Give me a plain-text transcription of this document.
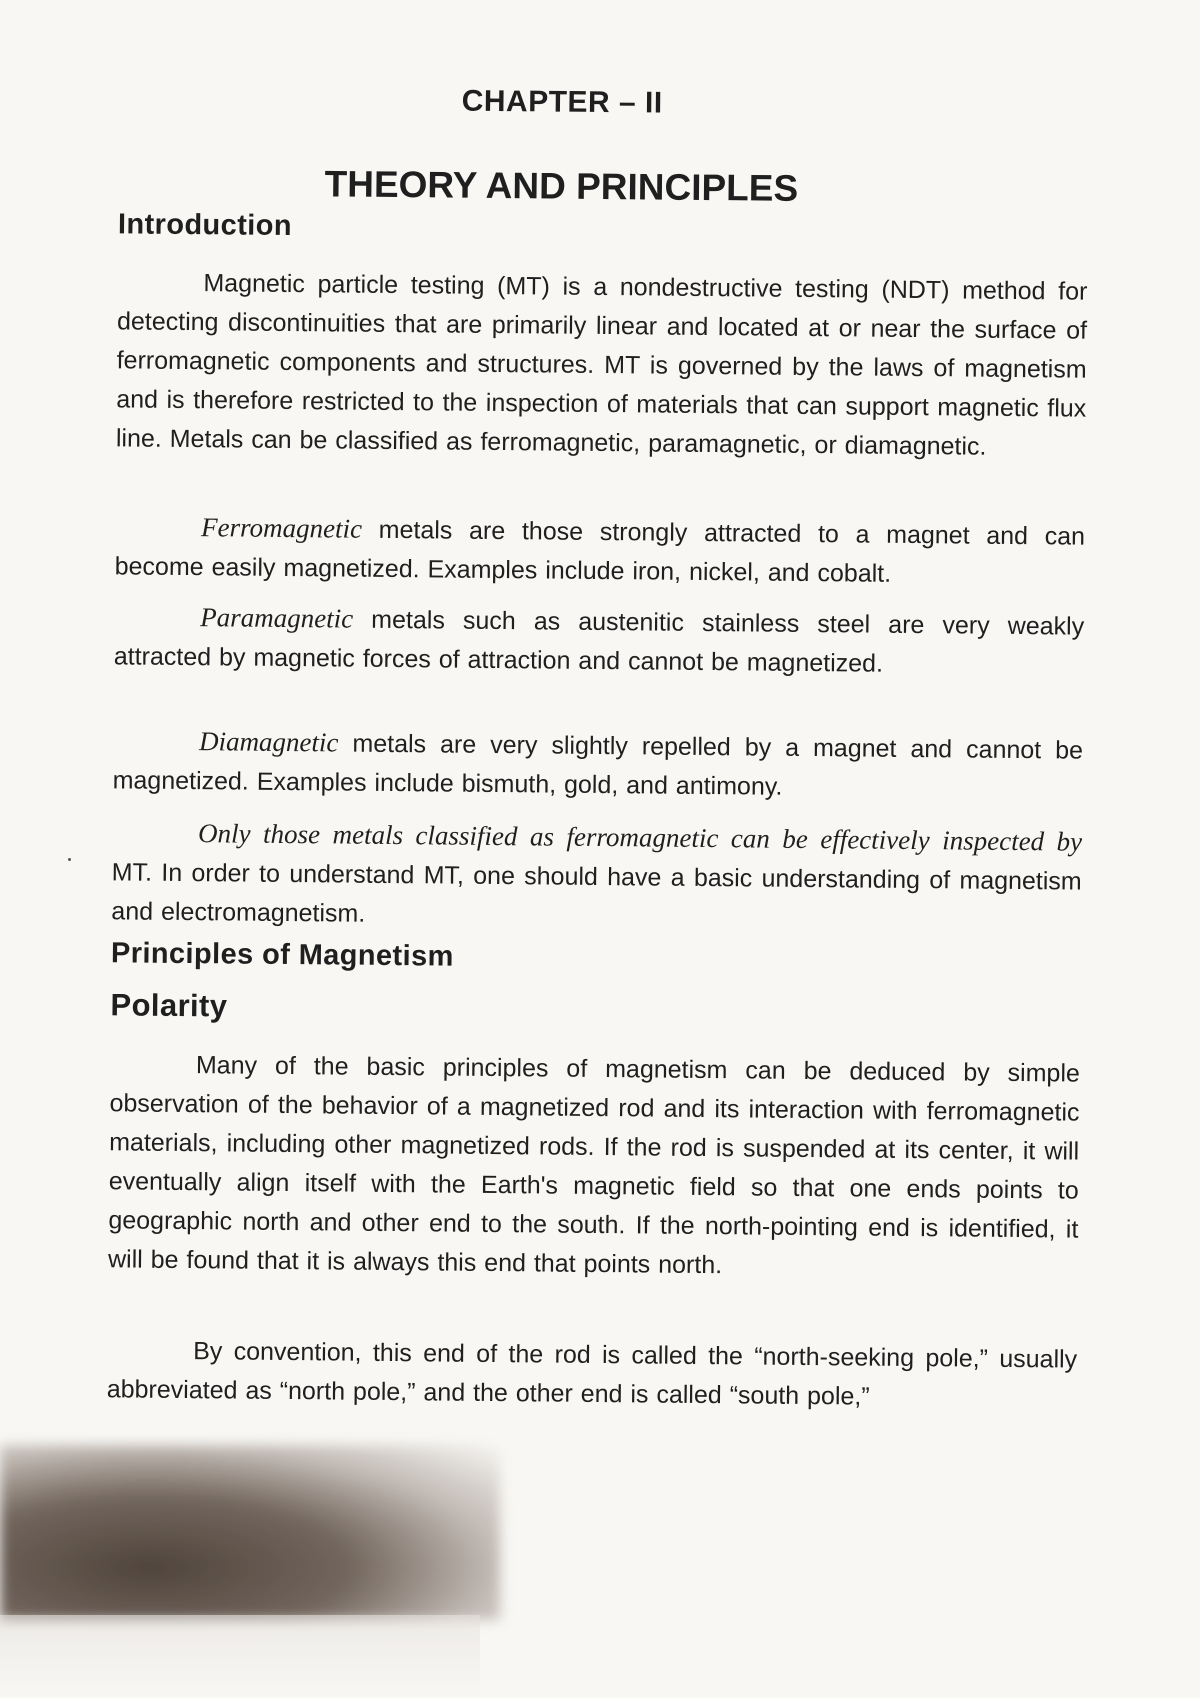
CHAPTER – II
THEORY AND PRINCIPLES
Introduction
Magnetic particle testing (MT) is a nondestructive testing (NDT) method for detecting discontinuities that are primarily linear and located at or near the surface of ferromagnetic components and structures. MT is governed by the laws of magnetism and is therefore restricted to the inspection of materials that can support magnetic flux line. Metals can be classified as ferromagnetic, paramagnetic, or diamagnetic.
Ferromagnetic metals are those strongly attracted to a magnet and can become easily magnetized. Examples include iron, nickel, and cobalt.
Paramagnetic metals such as austenitic stainless steel are very weakly attracted by magnetic forces of attraction and cannot be magnetized.
Diamagnetic metals are very slightly repelled by a magnet and cannot be magnetized. Examples include bismuth, gold, and antimony.
Only those metals classified as ferromagnetic can be effectively inspected by MT. In order to understand MT, one should have a basic understanding of magnetism and electromagnetism.
Principles of Magnetism
Polarity
Many of the basic principles of magnetism can be deduced by simple observation of the behavior of a magnetized rod and its interaction with ferromagnetic materials, including other magnetized rods. If the rod is suspended at its center, it will eventually align itself with the Earth's magnetic field so that one ends points to geographic north and other end to the south. If the north-pointing end is identified, it will be found that it is always this end that points north.
By convention, this end of the rod is called the “north-seeking pole,” usually abbreviated as “north pole,” and the other end is called “south pole,”
